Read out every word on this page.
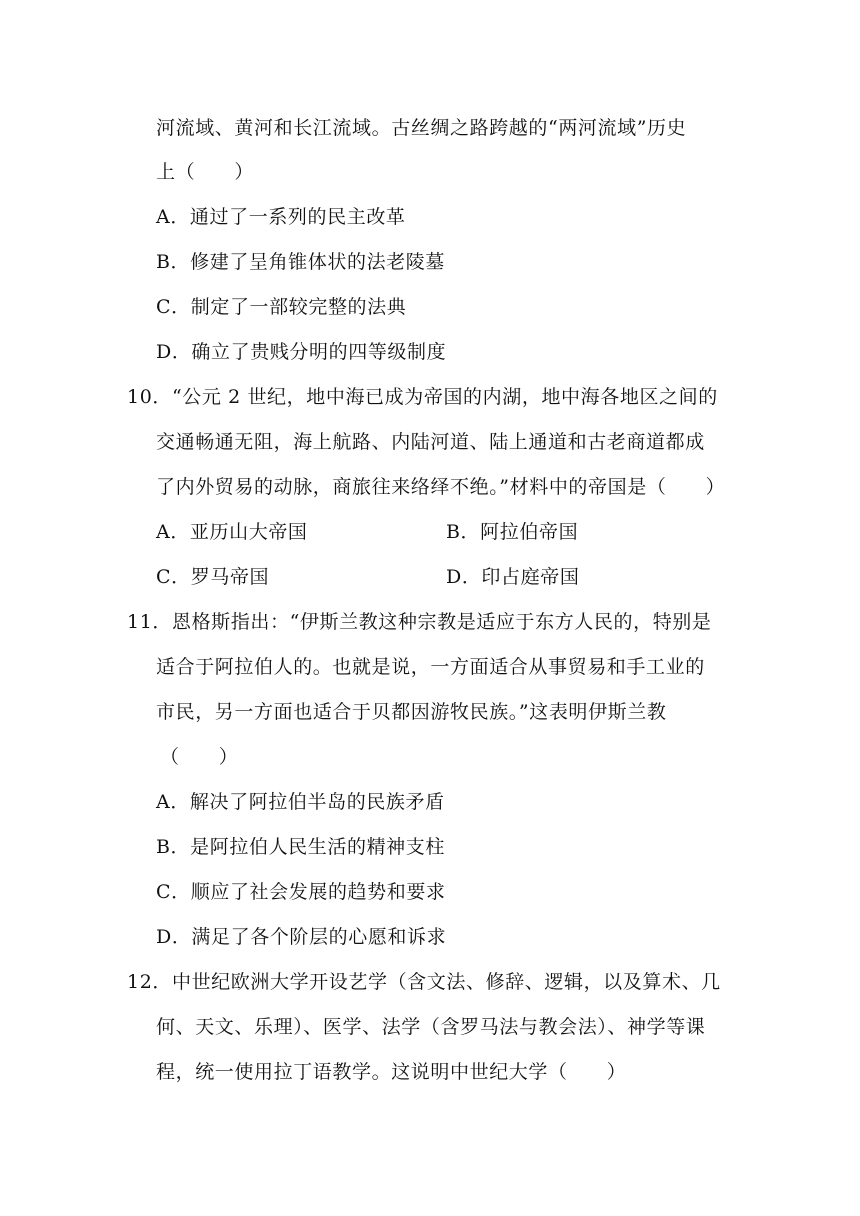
河流域、黄河和长江流域。古丝绸之路跨越的“两河流域”历史
上（　　）
A．通过了一系列的民主改革
B．修建了呈角锥体状的法老陵墓
C．制定了一部较完整的法典
D．确立了贵贱分明的四等级制度
10．“公元 2 世纪，地中海已成为帝国的内湖，地中海各地区之间的
交通畅通无阻，海上航路、内陆河道、陆上通道和古老商道都成
了内外贸易的动脉，商旅往来络绎不绝。”材料中的帝国是（　　）
A．亚历山大帝国	B．阿拉伯帝国
C．罗马帝国	D．印占庭帝国
11．恩格斯指出：“伊斯兰教这种宗教是适应于东方人民的，特别是
适合于阿拉伯人的。也就是说，一方面适合从事贸易和手工业的
市民，另一方面也适合于贝都因游牧民族。”这表明伊斯兰教
（　　）
A．解决了阿拉伯半岛的民族矛盾
B．是阿拉伯人民生活的精神支柱
C．顺应了社会发展的趋势和要求
D．满足了各个阶层的心愿和诉求
12．中世纪欧洲大学开设艺学（含文法、修辞、逻辑，以及算术、几
何、天文、乐理）、医学、法学（含罗马法与教会法）、神学等课
程，统一使用拉丁语教学。这说明中世纪大学（　　）
